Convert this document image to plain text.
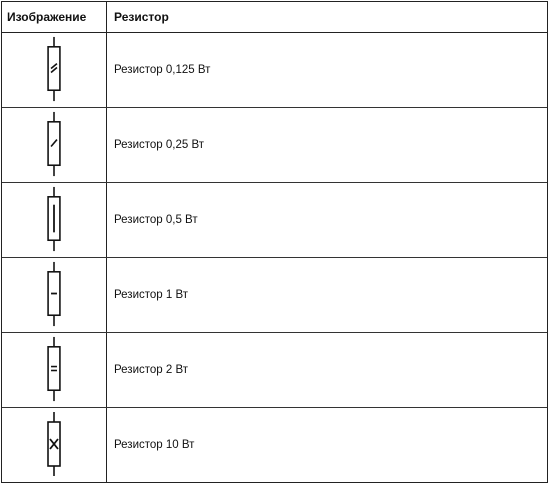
Изображение	Резистор
Резистор 0,125 Вт
Резистор 0,25 Вт
Резистор 0,5 Вт
Резистор 1 Вт
Резистор 2 Вт
Резистор 10 Вт
